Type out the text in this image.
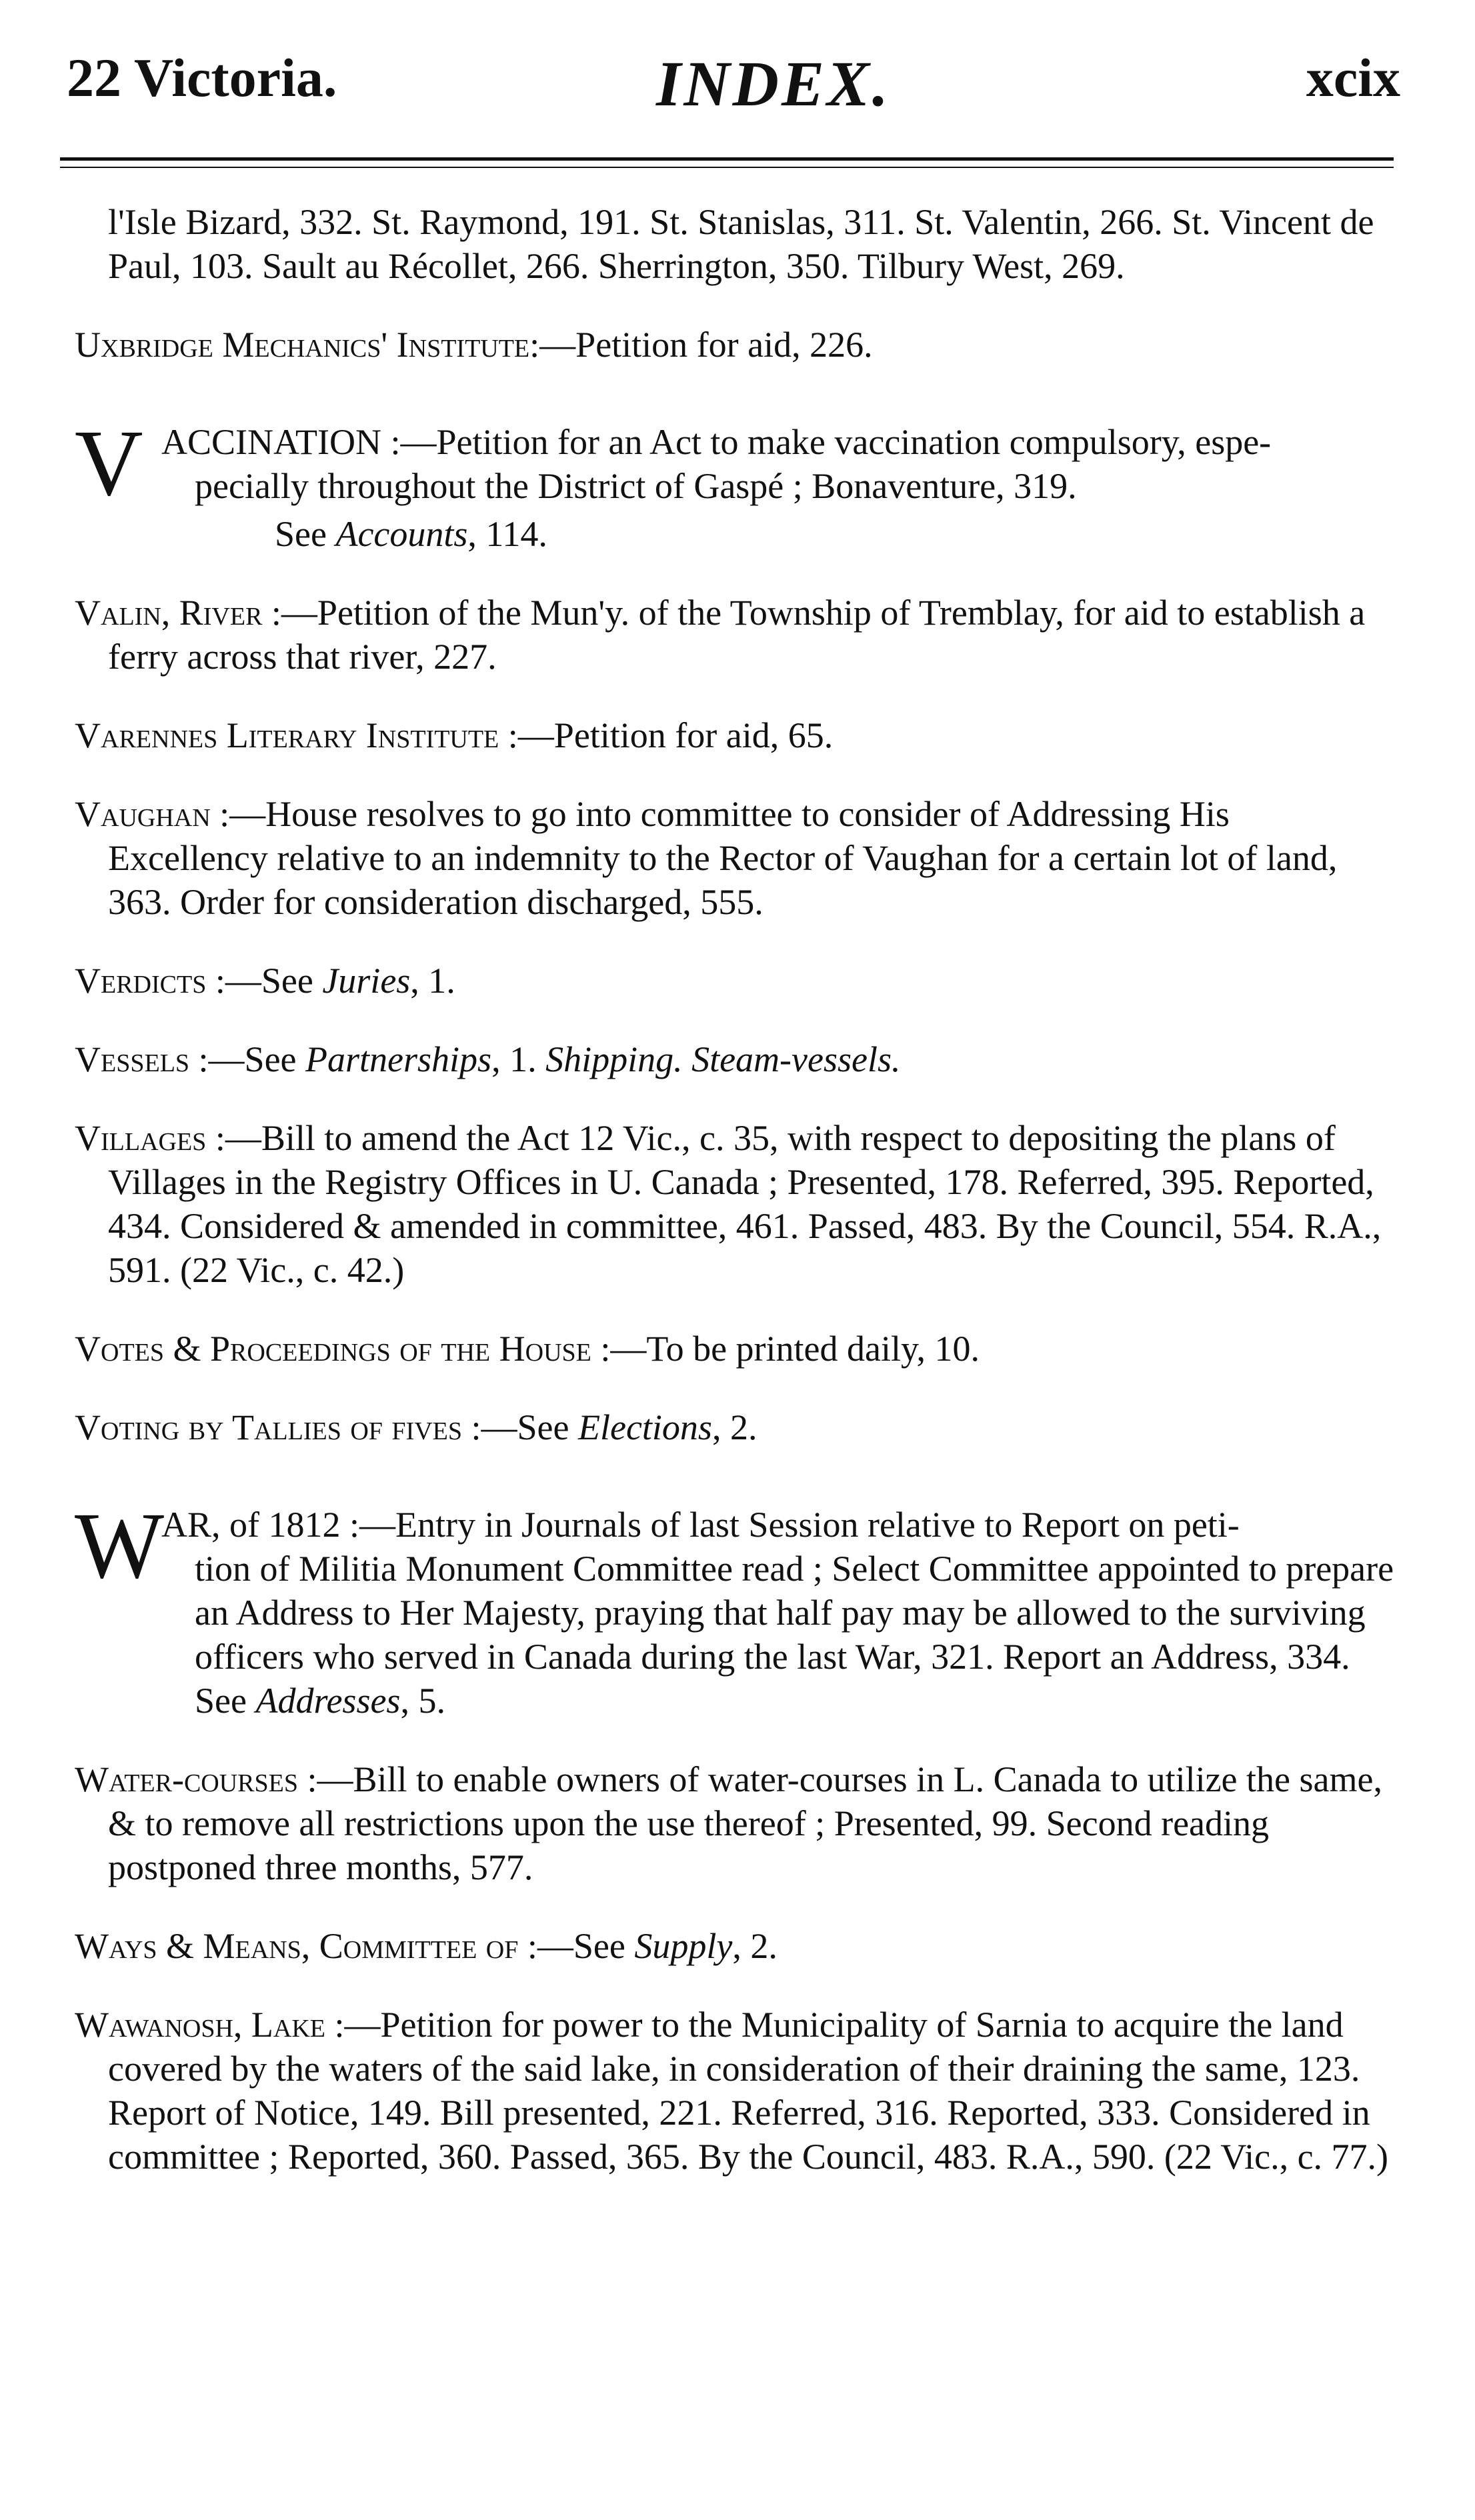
22 Victoria.	INDEX.	xcix

l'Isle Bizard, 332. St. Raymond, 191. St. Stanislas, 311. St. Valentin, 266. St. Vincent de Paul, 103. Sault au Récollet, 266. Sherrington, 350. Tilbury West, 269.

Uxbridge Mechanics' Institute:—Petition for aid, 226.

V ACCINATION :—Petition for an Act to make vaccination compulsory, espe-
pecially throughout the District of Gaspé ; Bonaventure, 319.

See Accounts, 114.

Valin, River :—Petition of the Mun'y. of the Township of Tremblay, for aid to establish a ferry across that river, 227.

Varennes Literary Institute :—Petition for aid, 65.

Vaughan :—House resolves to go into committee to consider of Addressing His Excellency relative to an indemnity to the Rector of Vaughan for a certain lot of land, 363. Order for consideration discharged, 555.

Verdicts :—See Juries, 1.

Vessels :—See Partnerships, 1. Shipping. Steam-vessels.

Villages :—Bill to amend the Act 12 Vic., c. 35, with respect to depositing the plans of Villages in the Registry Offices in U. Canada ; Presented, 178. Referred, 395. Reported, 434. Considered & amended in committee, 461. Passed, 483. By the Council, 554. R.A., 591. (22 Vic., c. 42.)

Votes & Proceedings of the House :—To be printed daily, 10.

Voting by Tallies of fives :—See Elections, 2.

W
AR, of 1812 :—Entry in Journals of last Session relative to Report on peti-
tion of Militia Monument Committee read ; Select Committee appointed to prepare an Address to Her Majesty, praying that half pay may be allowed to the surviving officers who served in Canada during the last War, 321. Report an Address, 334. See Addresses, 5.

Water-courses :—Bill to enable owners of water-courses in L. Canada to utilize the same, & to remove all restrictions upon the use thereof ; Presented, 99. Second reading postponed three months, 577.

Ways & Means, Committee of :—See Supply, 2.

Wawanosh, Lake :—Petition for power to the Municipality of Sarnia to acquire the land covered by the waters of the said lake, in consideration of their draining the same, 123. Report of Notice, 149. Bill presented, 221. Referred, 316. Reported, 333. Considered in committee ; Reported, 360. Passed, 365. By the Council, 483. R.A., 590. (22 Vic., c. 77.)
